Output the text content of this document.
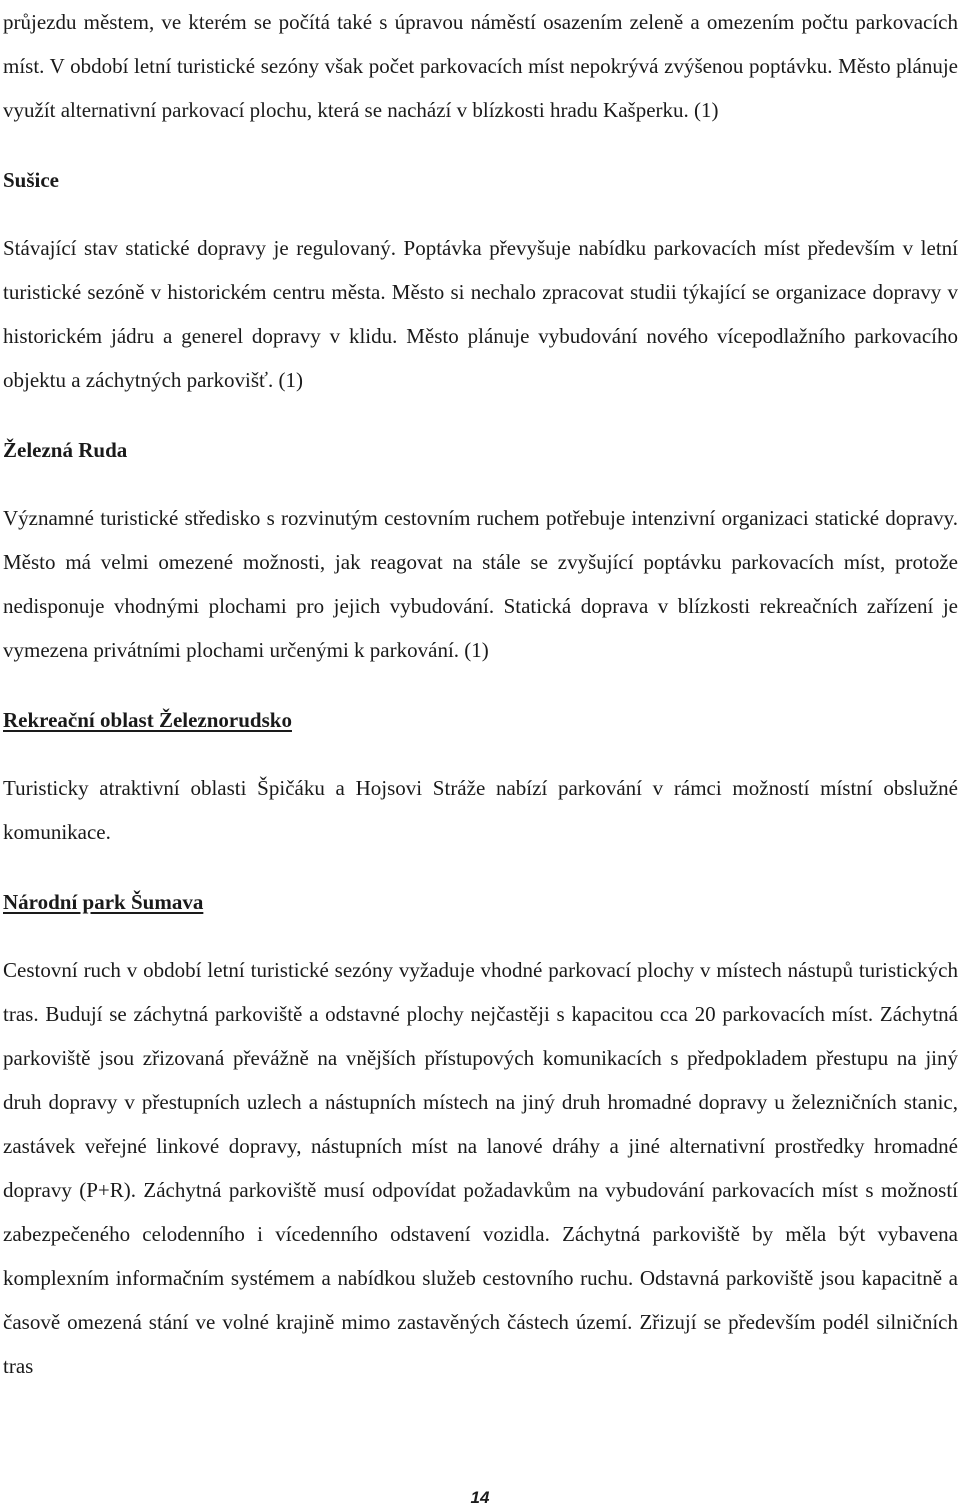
průjezdu městem, ve kterém se počítá také s úpravou náměstí osazením zeleně a omezením počtu parkovacích míst. V období letní turistické sezóny však počet parkovacích míst nepokrývá zvýšenou poptávku. Město plánuje využít alternativní parkovací plochu, která se nachází v blízkosti hradu Kašperku. (1)

Sušice

Stávající stav statické dopravy je regulovaný. Poptávka převyšuje nabídku parkovacích míst především v letní turistické sezóně v historickém centru města. Město si nechalo zpracovat studii týkající se organizace dopravy v historickém jádru a generel dopravy v klidu. Město plánuje vybudování nového vícepodlažního parkovacího objektu a záchytných parkovišť. (1)

Železná Ruda

Významné turistické středisko s rozvinutým cestovním ruchem potřebuje intenzivní organizaci statické dopravy. Město má velmi omezené možnosti, jak reagovat na stále se zvyšující poptávku parkovacích míst, protože nedisponuje vhodnými plochami pro jejich vybudování. Statická doprava v blízkosti rekreačních zařízení je vymezena privátními plochami určenými k parkování. (1)

Rekreační oblast Železnorudsko

Turisticky atraktivní oblasti Špičáku a Hojsovi Stráže nabízí parkování v rámci možností místní obslužné komunikace.

Národní park Šumava

Cestovní ruch v období letní turistické sezóny vyžaduje vhodné parkovací plochy v místech nástupů turistických tras. Budují se záchytná parkoviště a odstavné plochy nejčastěji s kapacitou cca 20 parkovacích míst. Záchytná parkoviště jsou zřizovaná převážně na vnějších přístupových komunikacích s předpokladem přestupu na jiný druh dopravy v přestupních uzlech a nástupních místech na jiný druh hromadné dopravy u železničních stanic, zastávek veřejné linkové dopravy, nástupních míst na lanové dráhy a jiné alternativní prostředky hromadné dopravy (P+R). Záchytná parkoviště musí odpovídat požadavkům na vybudování parkovacích míst s možností zabezpečeného celodenního i vícedenního odstavení vozidla. Záchytná parkoviště by měla být vybavena komplexním informačním systémem a nabídkou služeb cestovního ruchu. Odstavná parkoviště jsou kapacitně a časově omezená stání ve volné krajině mimo zastavěných částech území. Zřizují se především podél silničních tras

14
